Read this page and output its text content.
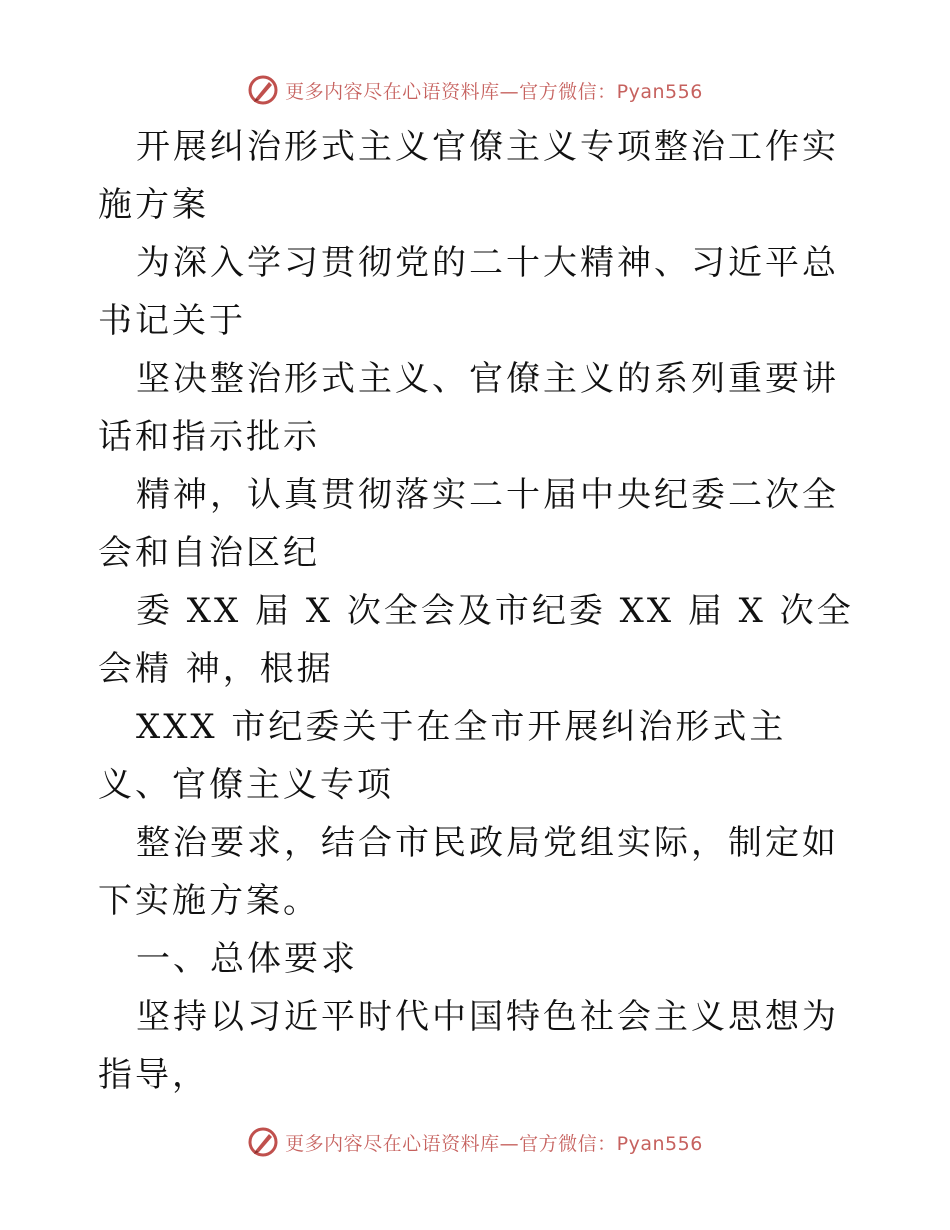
更多内容尽在心语资料库—官方微信：Pyan556

开展纠治形式主义官僚主义专项整治工作实施方案

为深入学习贯彻党的二十大精神、习近平总书记关于

坚决整治形式主义、官僚主义的系列重要讲话和指示批示

精神，认真贯彻落实二十届中央纪委二次全会和自治区纪

委 XX 届 X 次全会及市纪委 XX 届 X 次全会精 神，根据

XXX 市纪委关于在全市开展纠治形式主义、官僚主义专项

整治要求，结合市民政局党组实际，制定如下实施方案。

一、总体要求

坚持以习近平时代中国特色社会主义思想为指导，

更多内容尽在心语资料库—官方微信：Pyan556
